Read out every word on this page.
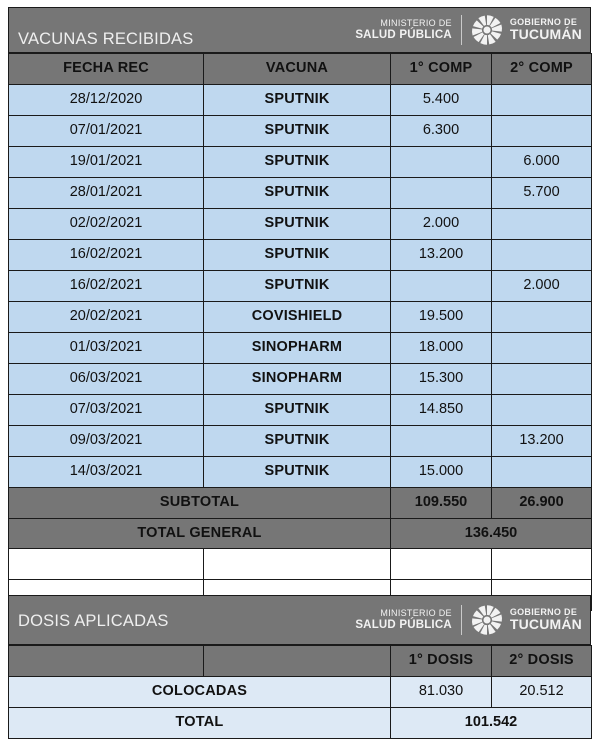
VACUNAS RECIBIDAS
MINISTERIO DE
SALUD PÚBLICA
GOBIERNO DE
TUCUMÁN
FECHA REC	VACUNA	1° COMP	2° COMP
28/12/2020	SPUTNIK	5.400	
07/01/2021	SPUTNIK	6.300	
19/01/2021	SPUTNIK		6.000
28/01/2021	SPUTNIK		5.700
02/02/2021	SPUTNIK	2.000	
16/02/2021	SPUTNIK	13.200	
16/02/2021	SPUTNIK		2.000
20/02/2021	COVISHIELD	19.500	
01/03/2021	SINOPHARM	18.000	
06/03/2021	SINOPHARM	15.300	
07/03/2021	SPUTNIK	14.850	
09/03/2021	SPUTNIK		13.200
14/03/2021	SPUTNIK	15.000	
SUBTOTAL		109.550	26.900
TOTAL GENERAL		136.450	

DOSIS APLICADAS	MINISTERIO DE
SALUD PÚBLICA
GOBIERNO DE
TUCUMÁN
		1° DOSIS	2° DOSIS
COLOCADAS		81.030	20.512
TOTAL		101.542	
